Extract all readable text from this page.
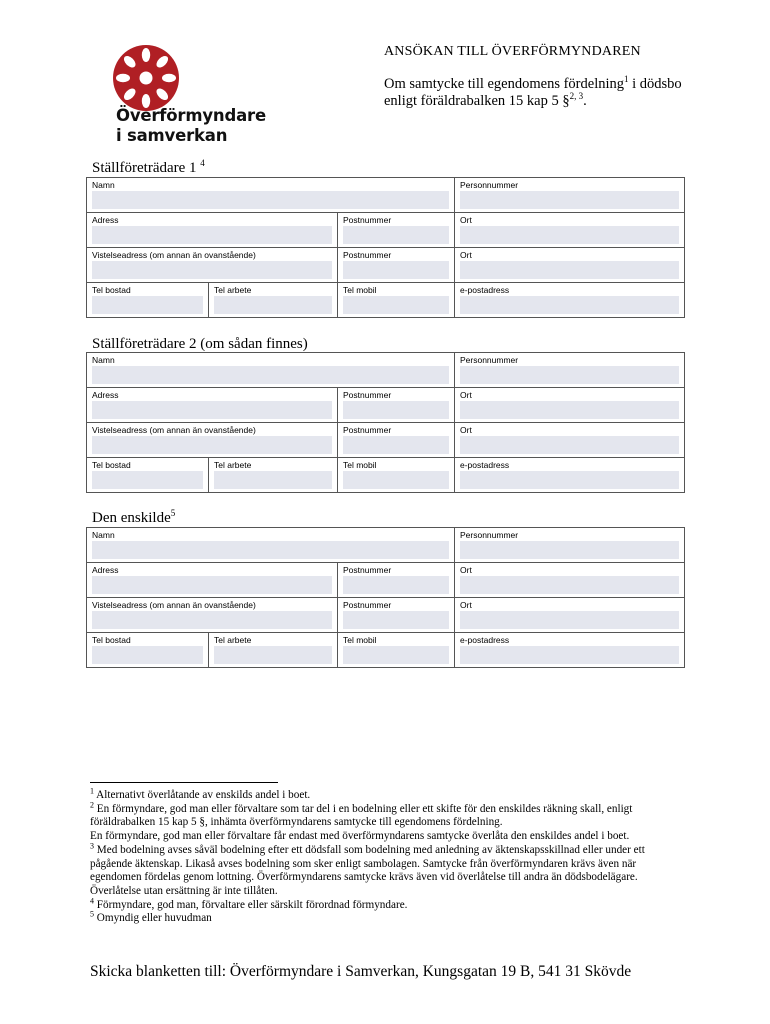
Överförmyndare
i samverkan
ANSÖKAN TILL ÖVERFÖRMYNDAREN
Om samtycke till egendomens fördelning$^1$ i dödsbo enligt föräldrabalken 15 kap 5 §$^{2, 3}$.
Ställföreträdare 1 $^4$
Namn			Personnummer

Adress		Postnummer	Ort

Vistelseadress (om annan än ovanstående)		Postnummer	Ort

Tel bostad	Tel arbete	Tel mobil	e-postadress
Ställföreträdare 2 (om sådan finnes)
Namn			Personnummer

Adress		Postnummer	Ort

Vistelseadress (om annan än ovanstående)		Postnummer	Ort

Tel bostad	Tel arbete	Tel mobil	e-postadress
Den enskilde$^5$
Namn			Personnummer

Adress		Postnummer	Ort

Vistelseadress (om annan än ovanstående)		Postnummer	Ort

Tel bostad	Tel arbete	Tel mobil	e-postadress

$^1$ Alternativt överlåtande av enskilds andel i boet.

$^2$ En förmyndare, god man eller förvaltare som tar del i en bodelning eller ett skifte för den enskildes räkning skall, enligt föräldrabalken 15 kap 5 §, inhämta överförmyndarens samtycke till egendomens fördelning.

En förmyndare, god man eller förvaltare får endast med överförmyndarens samtycke överlåta den enskildes andel i boet.

$^3$ Med bodelning avses såväl bodelning efter ett dödsfall som bodelning med anledning av äktenskapsskillnad eller under ett pågående äktenskap. Likaså avses bodelning som sker enligt sambolagen. Samtycke från överförmyndaren krävs även när egendomen fördelas genom lottning. Överförmyndarens samtycke krävs även vid överlåtelse till andra än dödsbodelägare. Överlåtelse utan ersättning är inte tillåten.

$^4$ Förmyndare, god man, förvaltare eller särskilt förordnad förmyndare.

$^5$ Omyndig eller huvudman

Skicka blanketten till: Överförmyndare i Samverkan, Kungsgatan 19 B, 541 31 Skövde
